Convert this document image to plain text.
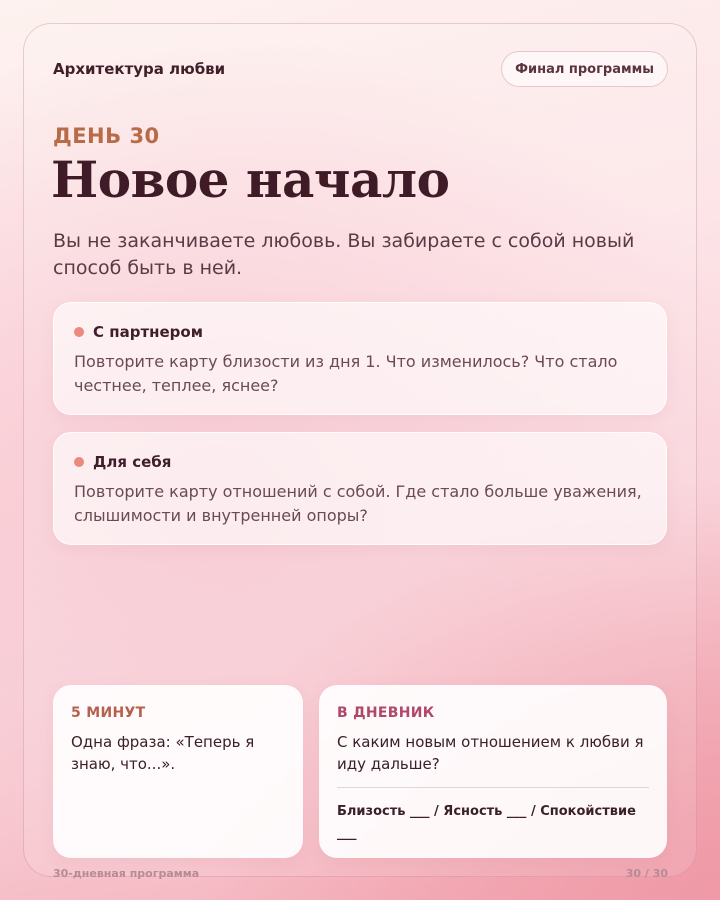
Архитектура любви	Финал программы
ДЕНЬ 30
Новое начало
Вы не заканчиваете любовь. Вы забираете с собой новый способ быть в ней.
С партнером
Повторите карту близости из дня 1. Что изменилось? Что стало честнее, теплее, яснее?
Для себя
Повторите карту отношений с собой. Где стало больше уважения, слышимости и внутренней опоры?
5 МИНУТ
Одна фраза: «Теперь я знаю, что...».
В ДНЕВНИК
С каким новым отношением к любви я иду дальше?
Близость ___ / Ясность ___ / Спокойствие ___
30-дневная программа	30 / 30
